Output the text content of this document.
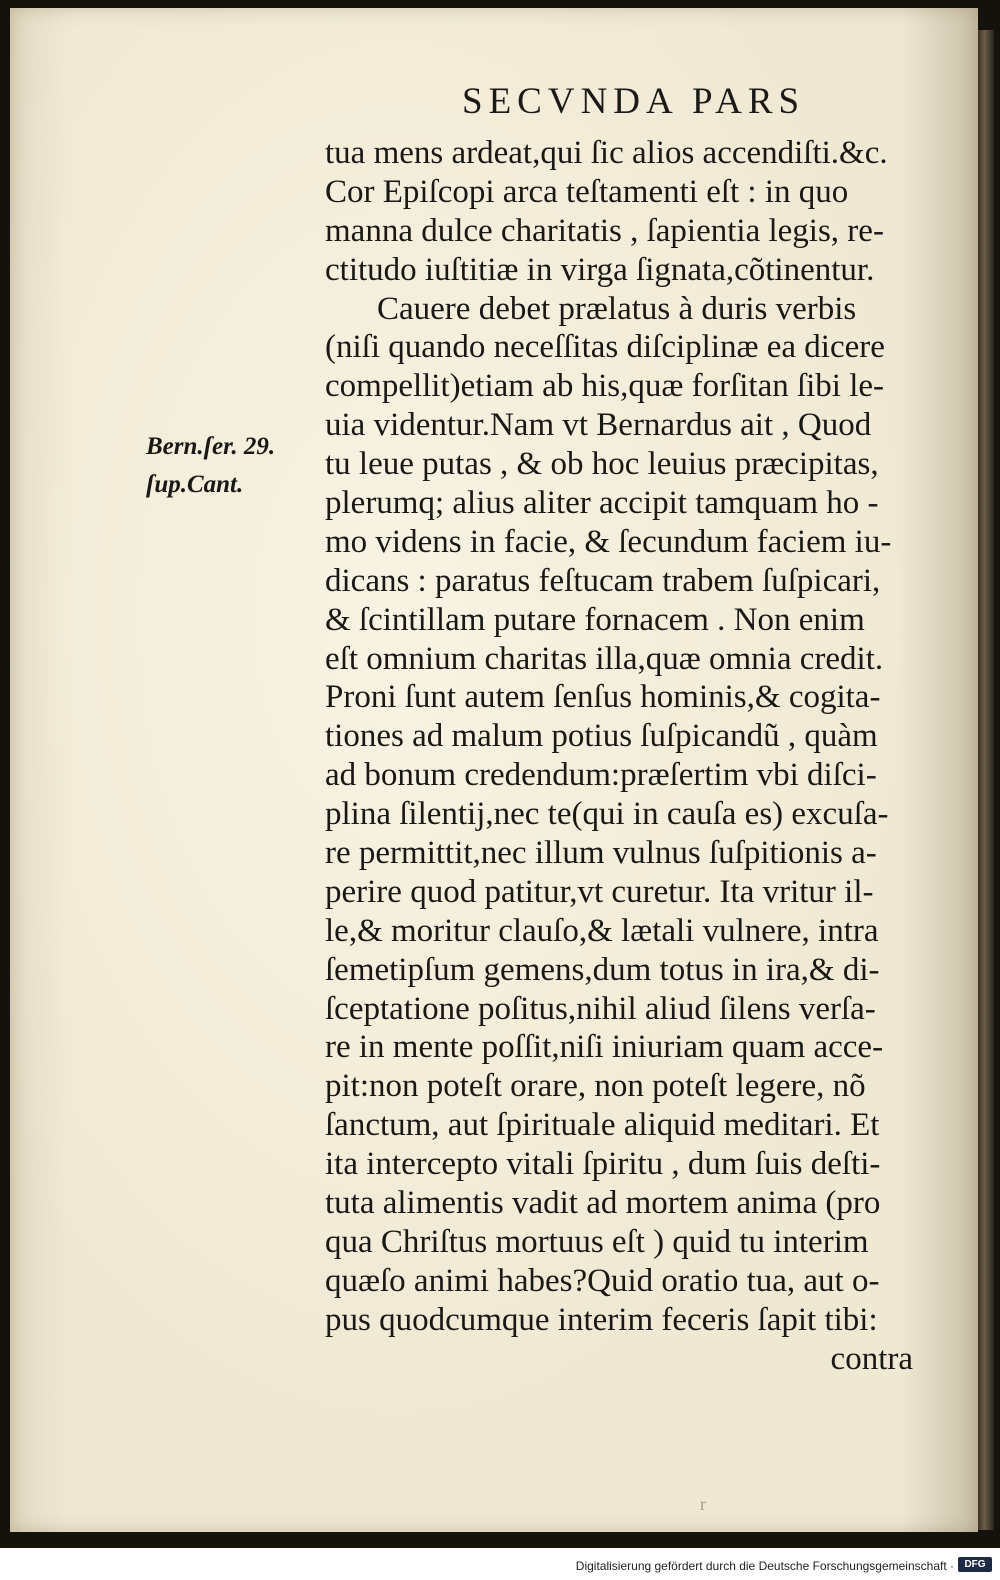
SECVNDA PARS
Bern.ſer. 29.
ſup.Cant.
tua mens ardeat,qui ſic alios accendiſti.&c.
Cor Epiſcopi arca teſtamenti eſt : in quo
manna dulce charitatis , ſapientia legis, re-
ctitudo iuſtitiæ in virga ſignata,cõtinentur.
Cauere debet prælatus à duris verbis
(niſi quando neceſſitas diſciplinæ ea dicere
compellit)etiam ab his,quæ forſitan ſibi le-
uia videntur.Nam vt Bernardus ait , Quod
tu leue putas , & ob hoc leuius præcipitas,
plerumq; alius aliter accipit tamquam ho -
mo videns in facie, & ſecundum faciem iu-
dicans : paratus feſtucam trabem ſuſpicari,
& ſcintillam putare fornacem . Non enim
eſt omnium charitas illa,quæ omnia credit.
Proni ſunt autem ſenſus hominis,& cogita-
tiones ad malum potius ſuſpicandũ , quàm
ad bonum credendum:præſertim vbi diſci-
plina ſilentij,nec te(qui in cauſa es) excuſa-
re permittit,nec illum vulnus ſuſpitionis a-
perire quod patitur,vt curetur. Ita vritur il-
le,& moritur clauſo,& lætali vulnere, intra
ſemetipſum gemens,dum totus in ira,& di-
ſceptatione poſitus,nihil aliud ſilens verſa-
re in mente poſſit,niſi iniuriam quam acce-
pit:non poteſt orare, non poteſt legere, nõ
ſanctum, aut ſpirituale aliquid meditari. Et
ita intercepto vitali ſpiritu , dum ſuis deſti-
tuta alimentis vadit ad mortem anima (pro
qua Chriſtus mortuus eſt ) quid tu interim
quæſo animi habes?Quid oratio tua, aut o-
pus quodcumque interim feceris ſapit tibi:
contra
r
Digitalisierung gefördert durch die Deutsche Forschungsgemeinschaft ·	DFG
